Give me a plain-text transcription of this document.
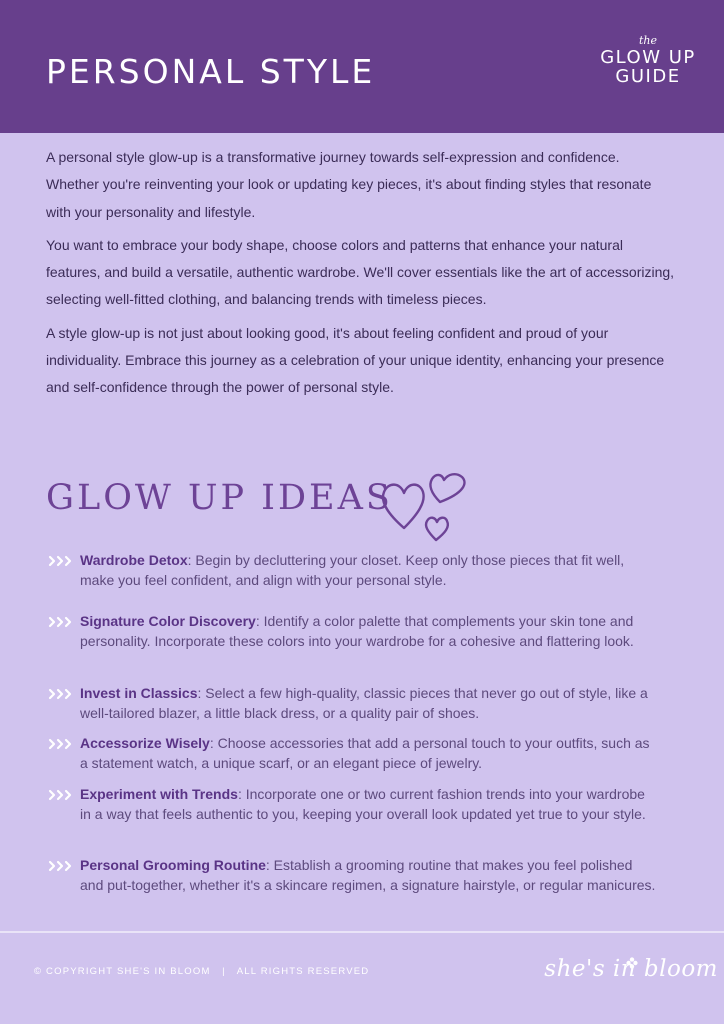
PERSONAL STYLE
the
GLOW UP
GUIDE

A personal style glow-up is a transformative journey towards self-expression and confidence. Whether you're reinventing your look or updating key pieces, it's about finding styles that resonate with your personality and lifestyle.

You want to embrace your body shape, choose colors and patterns that enhance your natural features, and build a versatile, authentic wardrobe. We'll cover essentials like the art of accessorizing, selecting well-fitted clothing, and balancing trends with timeless pieces.

A style glow-up is not just about looking good, it's about feeling confident and proud of your individuality. Embrace this journey as a celebration of your unique identity, enhancing your presence and self-confidence through the power of personal style.

GLOW UP IDEAS
Wardrobe Detox: Begin by decluttering your closet. Keep only those pieces that fit well, make you feel confident, and align with your personal style.
Signature Color Discovery: Identify a color palette that complements your skin tone and personality. Incorporate these colors into your wardrobe for a cohesive and flattering look.
Invest in Classics: Select a few high-quality, classic pieces that never go out of style, like a well-tailored blazer, a little black dress, or a quality pair of shoes.
Accessorize Wisely: Choose accessories that add a personal touch to your outfits, such as a statement watch, a unique scarf, or an elegant piece of jewelry.
Experiment with Trends: Incorporate one or two current fashion trends into your wardrobe in a way that feels authentic to you, keeping your overall look updated yet true to your style.
Personal Grooming Routine: Establish a grooming routine that makes you feel polished and put-together, whether it's a skincare regimen, a signature hairstyle, or regular manicures.
© COPYRIGHT SHE'S IN BLOOM   |   ALL RIGHTS RESERVED	she's in bloom
